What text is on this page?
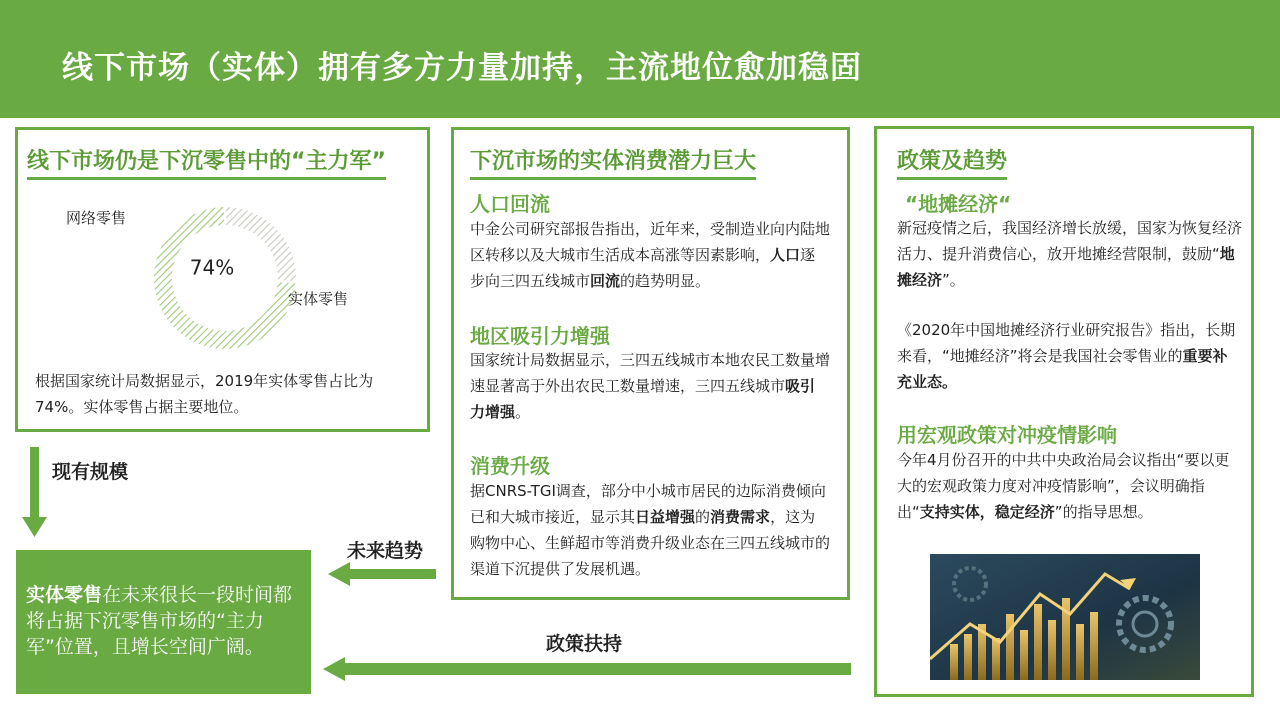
线下市场（实体）拥有多方力量加持，主流地位愈加稳固
线下市场仍是下沉零售中的“主力军”
74%
网络零售
实体零售
根据国家统计局数据显示，2019年实体零售占比为74%。实体零售占据主要地位。
现有规模
实体零售在未来很长一段时间都将占据下沉零售市场的“主力军”位置，且增长空间广阔。
未来趋势
政策扶持
下沉市场的实体消费潜力巨大
人口回流
中金公司研究部报告指出，近年来，受制造业向内陆地区转移以及大城市生活成本高涨等因素影响，人口逐步向三四五线城市回流的趋势明显。
地区吸引力增强
国家统计局数据显示，三四五线城市本地农民工数量增速显著高于外出农民工数量增速，三四五线城市吸引力增强。
消费升级
据CNRS-TGI调查，部分中小城市居民的边际消费倾向已和大城市接近，显示其日益增强的消费需求，这为购物中心、生鲜超市等消费升级业态在三四五线城市的渠道下沉提供了发展机遇。
政策及趋势
“地摊经济“
新冠疫情之后，我国经济增长放缓，国家为恢复经济活力、提升消费信心，放开地摊经营限制，鼓励“地摊经济”。
《2020年中国地摊经济行业研究报告》指出，长期来看，“地摊经济”将会是我国社会零售业的重要补充业态。
用宏观政策对冲疫情影响
今年4月份召开的中共中央政治局会议指出“要以更大的宏观政策力度对冲疫情影响”，会议明确指出“支持实体，稳定经济”的指导思想。
